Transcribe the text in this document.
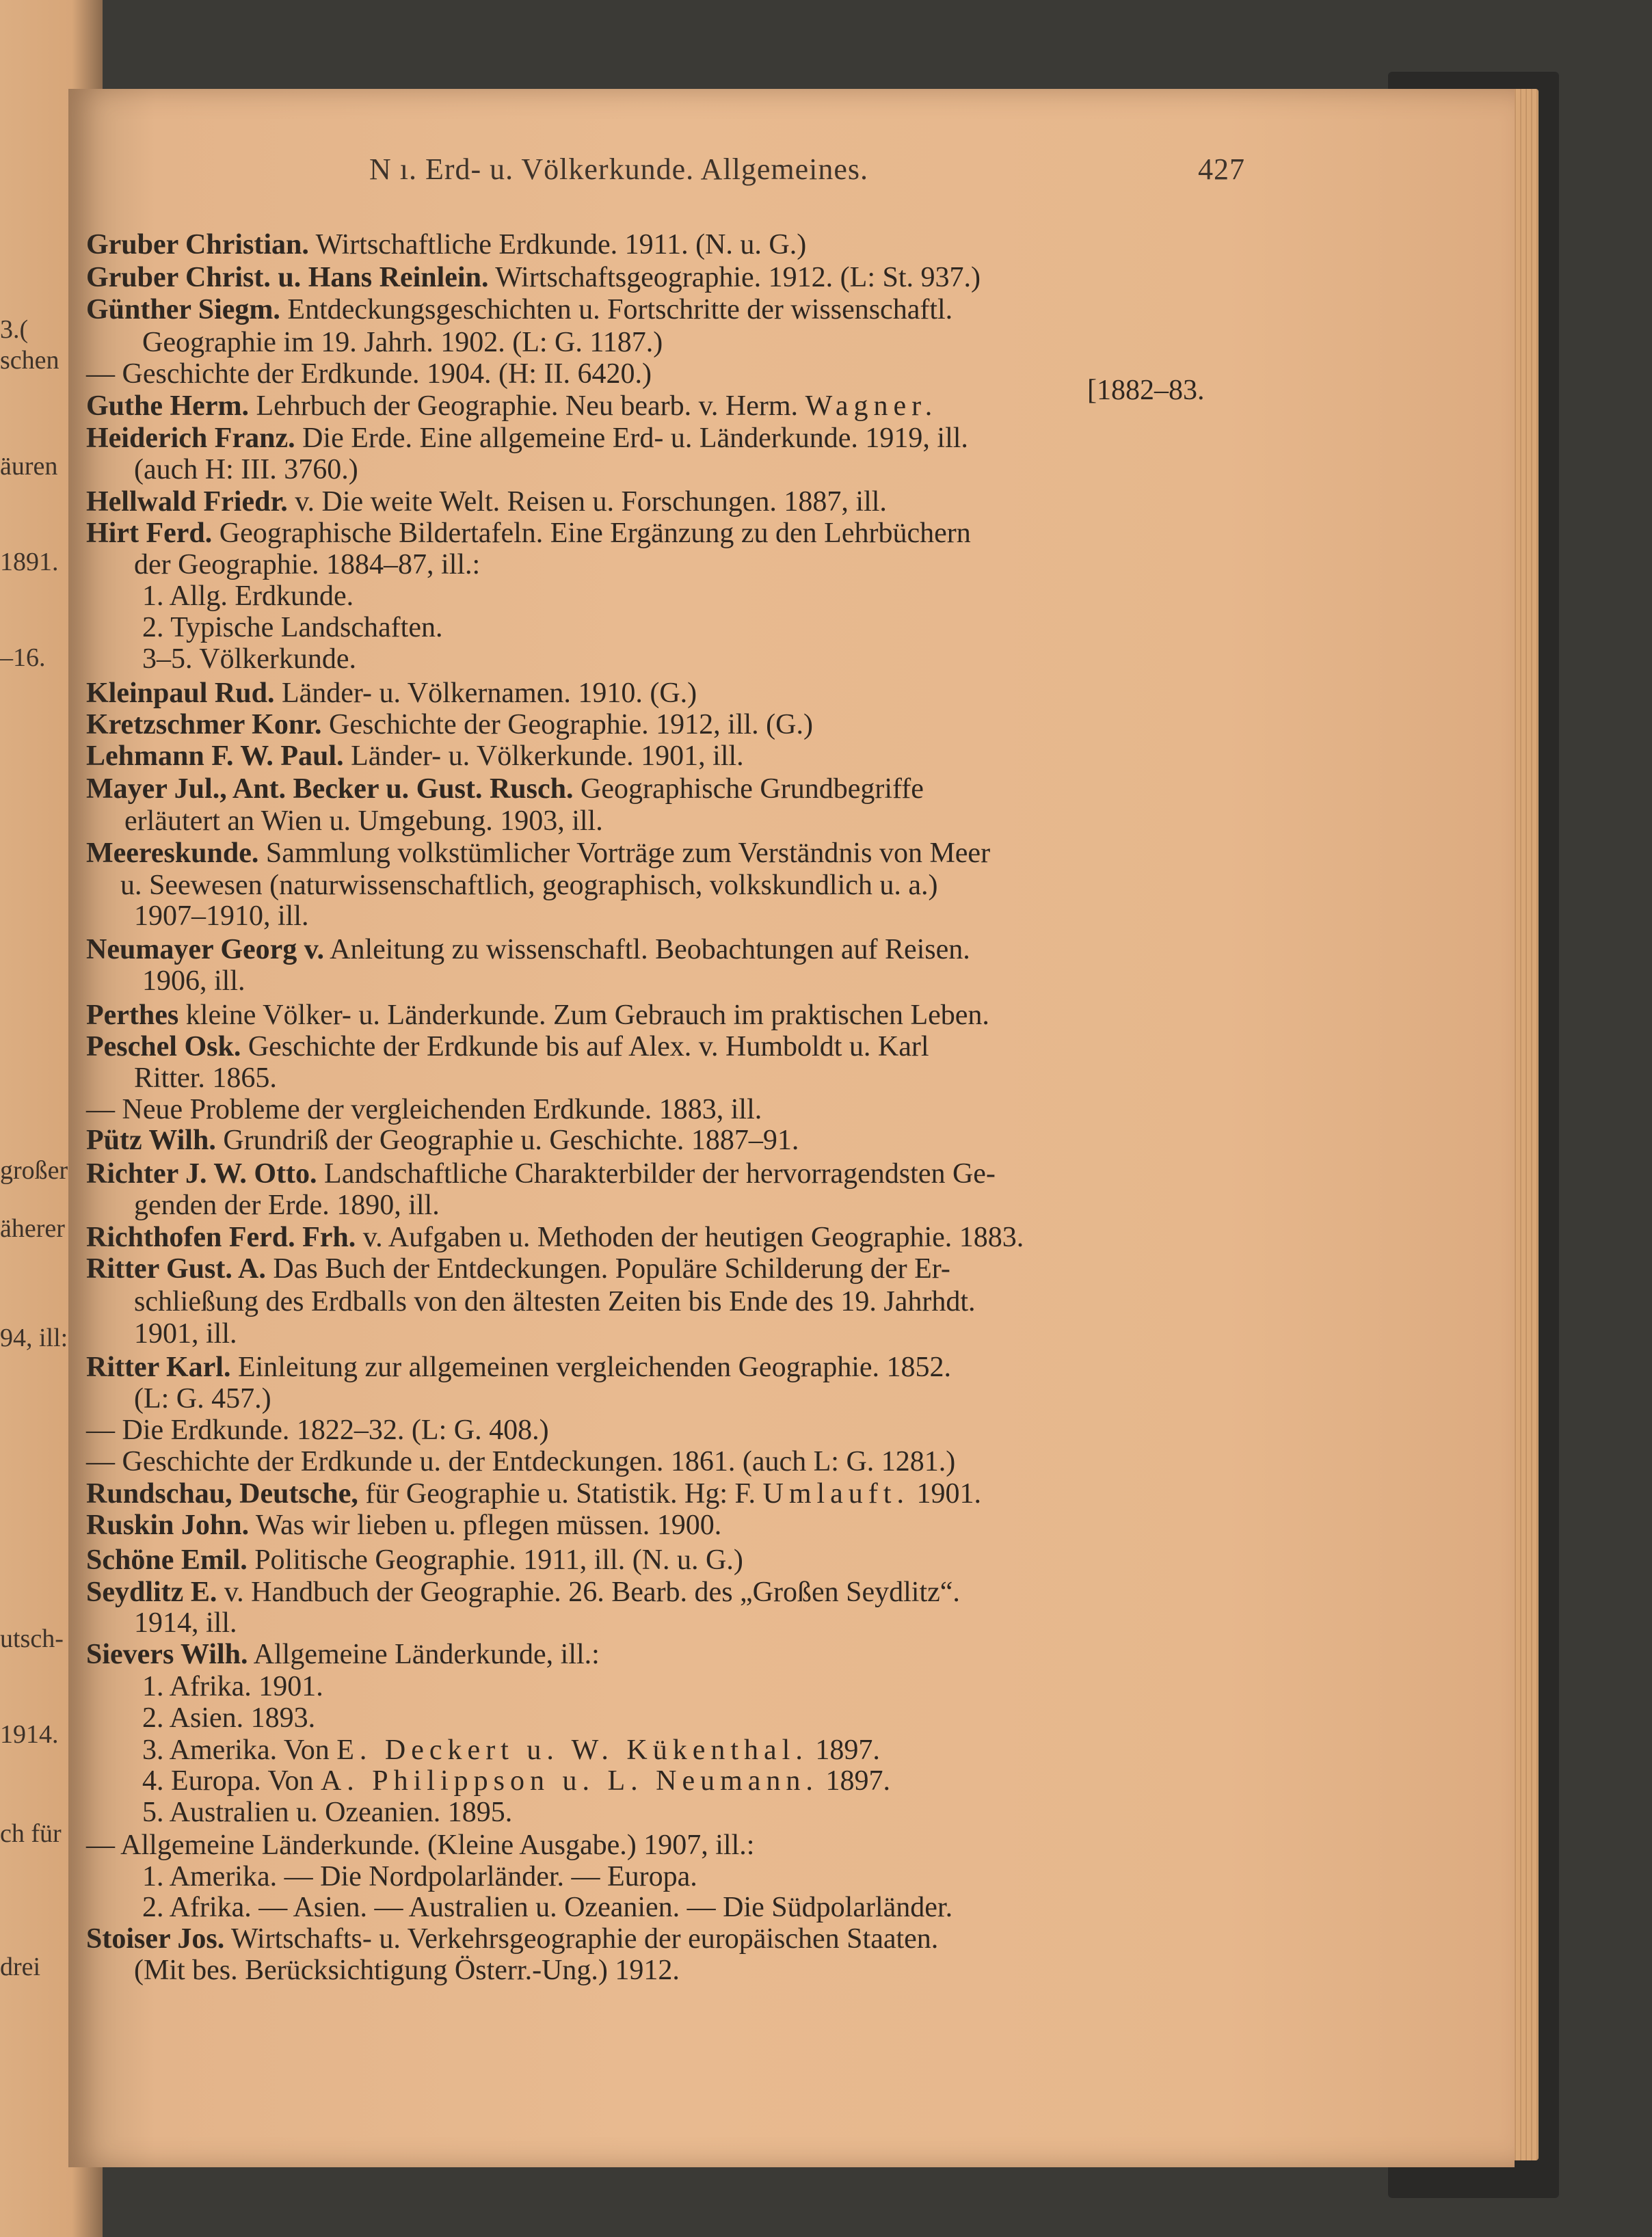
3.(
schen
äuren
1891.
–16.
großer
äherer
94, ill:
utsch-
1914.
ch für
drei
N ı. Erd- u. Völkerkunde. Allgemeines.	427
Gruber Christian. Wirtschaftliche Erdkunde. 1911. (N. u. G.)
Gruber Christ. u. Hans Reinlein. Wirtschaftsgeographie. 1912. (L: St. 937.)
Günther Siegm. Entdeckungsgeschichten u. Fortschritte der wissenschaftl.
Geographie im 19. Jahrh. 1902. (L: G. 1187.)
— Geschichte der Erdkunde. 1904. (H: II. 6420.)
Guthe Herm. Lehrbuch der Geographie. Neu bearb. v. Herm. Wagner.
Heiderich Franz. Die Erde. Eine allgemeine Erd- u. Länderkunde. 1919, ill.
(auch H: III. 3760.)
Hellwald Friedr. v. Die weite Welt. Reisen u. Forschungen. 1887, ill.
Hirt Ferd. Geographische Bildertafeln. Eine Ergänzung zu den Lehrbüchern
der Geographie. 1884–87, ill.:
1. Allg. Erdkunde.
2. Typische Landschaften.
3–5. Völkerkunde.
Kleinpaul Rud. Länder- u. Völkernamen. 1910. (G.)
Kretzschmer Konr. Geschichte der Geographie. 1912, ill. (G.)
Lehmann F. W. Paul. Länder- u. Völkerkunde. 1901, ill.
Mayer Jul., Ant. Becker u. Gust. Rusch. Geographische Grundbegriffe
erläutert an Wien u. Umgebung. 1903, ill.
Meereskunde. Sammlung volkstümlicher Vorträge zum Verständnis von Meer
u. Seewesen (naturwissenschaftlich, geographisch, volkskundlich u. a.)
1907–1910, ill.
Neumayer Georg v. Anleitung zu wissenschaftl. Beobachtungen auf Reisen.
1906, ill.
Perthes kleine Völker- u. Länderkunde. Zum Gebrauch im praktischen Leben.
Peschel Osk. Geschichte der Erdkunde bis auf Alex. v. Humboldt u. Karl
Ritter. 1865.
— Neue Probleme der vergleichenden Erdkunde. 1883, ill.
Pütz Wilh. Grundriß der Geographie u. Geschichte. 1887–91.
Richter J. W. Otto. Landschaftliche Charakterbilder der hervorragendsten Ge-
genden der Erde. 1890, ill.
Richthofen Ferd. Frh. v. Aufgaben u. Methoden der heutigen Geographie. 1883.
Ritter Gust. A. Das Buch der Entdeckungen. Populäre Schilderung der Er-
schließung des Erdballs von den ältesten Zeiten bis Ende des 19. Jahrhdt.
1901, ill.
Ritter Karl. Einleitung zur allgemeinen vergleichenden Geographie. 1852.
(L: G. 457.)
— Die Erdkunde. 1822–32. (L: G. 408.)
— Geschichte der Erdkunde u. der Entdeckungen. 1861. (auch L: G. 1281.)
Rundschau, Deutsche, für Geographie u. Statistik. Hg: F. Umlauft. 1901.
Ruskin John. Was wir lieben u. pflegen müssen. 1900.
Schöne Emil. Politische Geographie. 1911, ill. (N. u. G.)
Seydlitz E. v. Handbuch der Geographie. 26. Bearb. des „Großen Seydlitz“.
1914, ill.
Sievers Wilh. Allgemeine Länderkunde, ill.:
1. Afrika. 1901.
2. Asien. 1893.
3. Amerika. Von E. Deckert u. W. Kükenthal. 1897.
4. Europa. Von A. Philippson u. L. Neumann. 1897.
5. Australien u. Ozeanien. 1895.
— Allgemeine Länderkunde. (Kleine Ausgabe.) 1907, ill.:
1. Amerika. — Die Nordpolarländer. — Europa.
2. Afrika. — Asien. — Australien u. Ozeanien. — Die Südpolarländer.
Stoiser Jos. Wirtschafts- u. Verkehrsgeographie der europäischen Staaten.
(Mit bes. Berücksichtigung Österr.-Ung.) 1912.
[1882–83.
